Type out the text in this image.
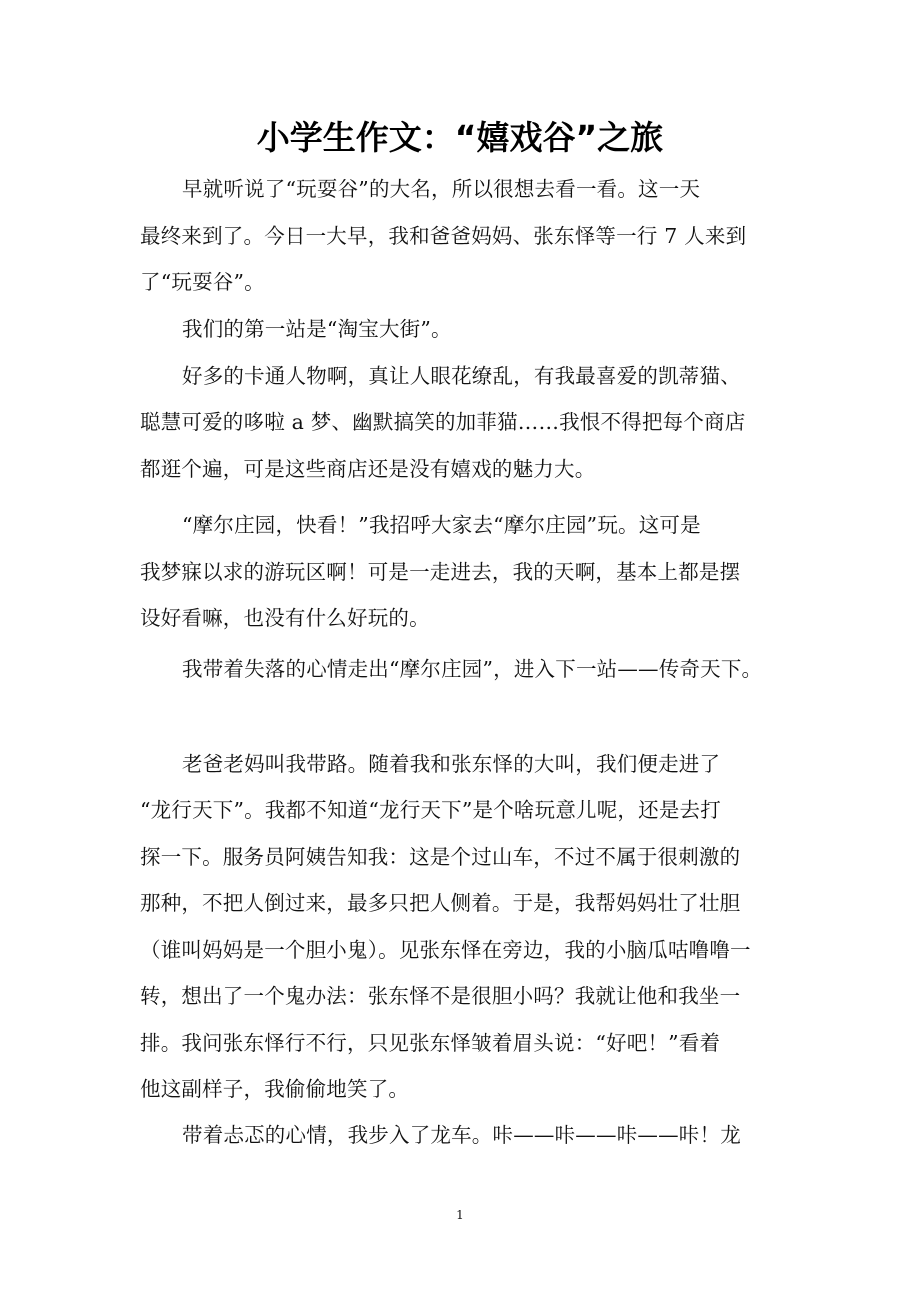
小学生作文：“嬉戏谷”之旅
早就听说了“玩耍谷”的大名，所以很想去看一看。这一天
最终来到了。今日一大早，我和爸爸妈妈、张东怿等一行 7 人来到
了“玩耍谷”。
我们的第一站是“淘宝大街”。
好多的卡通人物啊，真让人眼花缭乱，有我最喜爱的凯蒂猫、
聪慧可爱的哆啦 a 梦、幽默搞笑的加菲猫……我恨不得把每个商店
都逛个遍，可是这些商店还是没有嬉戏的魅力大。
“摩尔庄园，快看！”我招呼大家去“摩尔庄园”玩。这可是
我梦寐以求的游玩区啊！可是一走进去，我的天啊，基本上都是摆
设好看嘛，也没有什么好玩的。
我带着失落的心情走出“摩尔庄园”，进入下一站——传奇天下。
老爸老妈叫我带路。随着我和张东怿的大叫，我们便走进了
“龙行天下”。我都不知道“龙行天下”是个啥玩意儿呢，还是去打
探一下。服务员阿姨告知我：这是个过山车，不过不属于很刺激的
那种，不把人倒过来，最多只把人侧着。于是，我帮妈妈壮了壮胆
（谁叫妈妈是一个胆小鬼）。见张东怿在旁边，我的小脑瓜咕噜噜一
转，想出了一个鬼办法：张东怿不是很胆小吗？我就让他和我坐一
排。我问张东怿行不行，只见张东怿皱着眉头说：“好吧！”看着
他这副样子，我偷偷地笑了。
带着忐忑的心情，我步入了龙车。咔——咔——咔——咔！龙
1
